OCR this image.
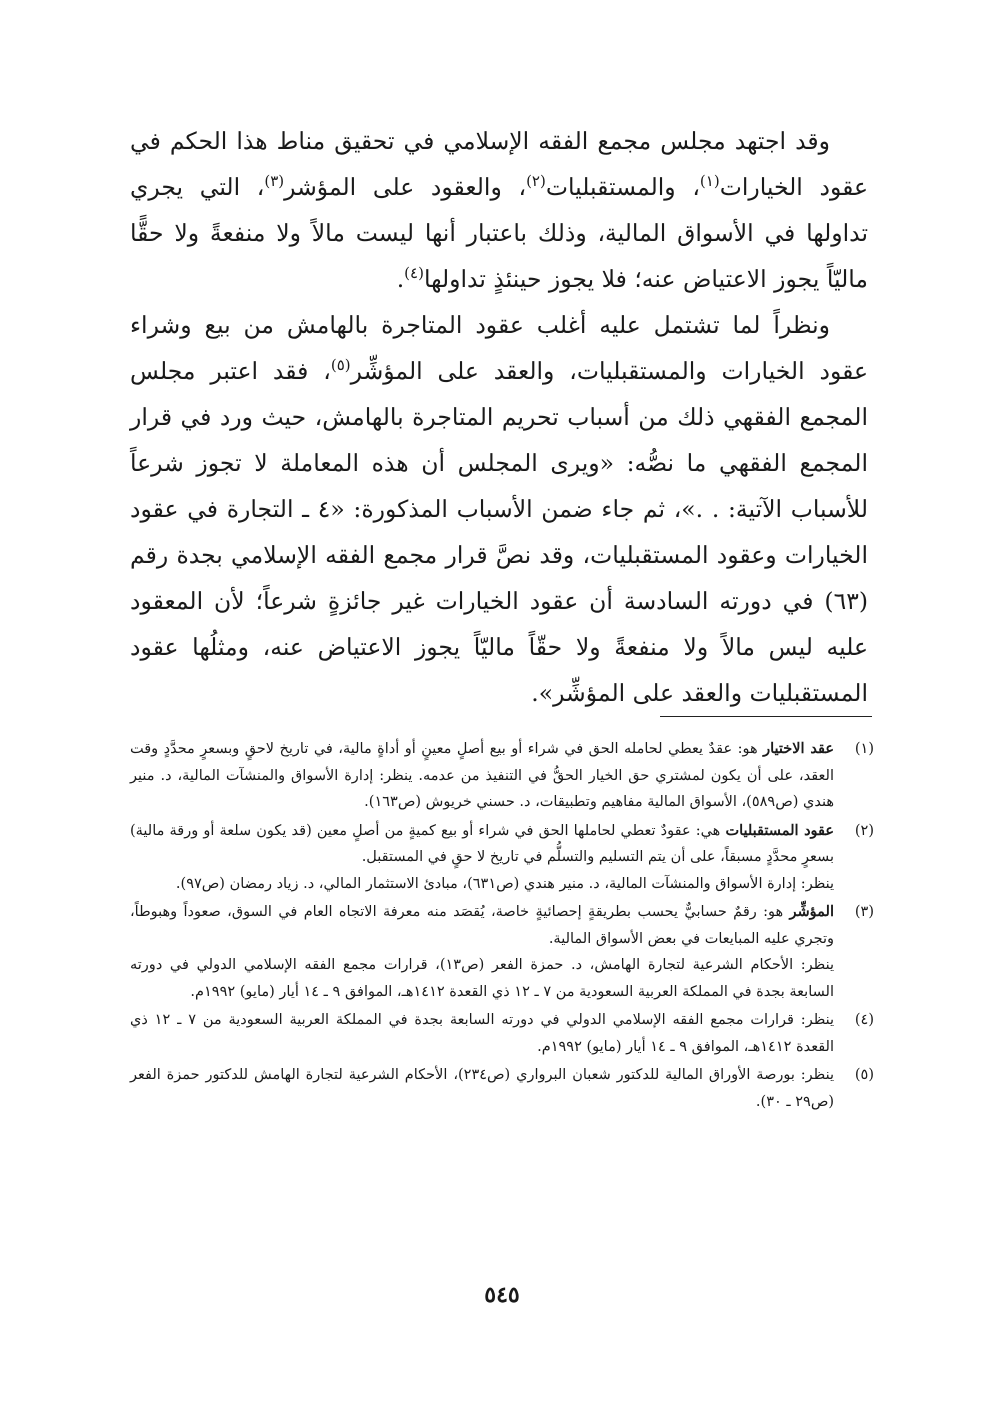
وقد اجتهد مجلس مجمع الفقه الإسلامي في تحقيق مناط هذا الحكم في عقود الخيارات$^{(١)}$، والمستقبليات$^{(٢)}$، والعقود على المؤشر$^{(٣)}$، التي يجري تداولها في الأسواق المالية، وذلك باعتبار أنها ليست مالاً ولا منفعةً ولا حقًّا ماليّاً يجوز الاعتياض عنه؛ فلا يجوز حينئذٍ تداولها$^{(٤)}$.

ونظراً لما تشتمل عليه أغلب عقود المتاجرة بالهامش من بيع وشراء عقود الخيارات والمستقبليات، والعقد على المؤشِّر$^{(٥)}$، فقد اعتبر مجلس المجمع الفقهي ذلك من أسباب تحريم المتاجرة بالهامش، حيث ورد في قرار المجمع الفقهي ما نصُّه: «ويرى المجلس أن هذه المعاملة لا تجوز شرعاً للأسباب الآتية: . .»، ثم جاء ضمن الأسباب المذكورة: «٤ ـ التجارة في عقود الخيارات وعقود المستقبليات، وقد نصَّ قرار مجمع الفقه الإسلامي بجدة رقم (٦٣) في دورته السادسة أن عقود الخيارات غير جائزةٍ شرعاً؛ لأن المعقود عليه ليس مالاً ولا منفعةً ولا حقّاً ماليّاً يجوز الاعتياض عنه، ومثلُها عقود المستقبليات والعقد على المؤشِّر».

(١)

عقد الاختيار هو: عقدٌ يعطي لحامله الحق في شراء أو بيع أصلٍ معينٍ أو أداةٍ مالية، في تاريخ لاحقٍ وبسعرٍ محدَّدٍ وقت العقد، على أن يكون لمشتري حق الخيار الحقُّ في التنفيذ من عدمه. ينظر: إدارة الأسواق والمنشآت المالية، د. منير هندي (ص٥٨٩)، الأسواق المالية مفاهيم وتطبيقات، د. حسني خريوش (ص١٦٣).

(٢)

عقود المستقبليات هي: عقودٌ تعطي لحاملها الحق في شراء أو بيع كميةٍ من أصلٍ معين (قد يكون سلعة أو ورقة مالية) بسعرٍ محدَّدٍ مسبقاً، على أن يتم التسليم والتسلُّم في تاريخ لا حقٍ في المستقبل.

ينظر: إدارة الأسواق والمنشآت المالية، د. منير هندي (ص٦٣١)، مبادئ الاستثمار المالي، د. زياد رمضان (ص٩٧).

(٣)

المؤشِّر هو: رقمٌ حسابيٌّ يحسب بطريقةٍ إحصائيةٍ خاصة، يُقصَد منه معرفة الاتجاه العام في السوق، صعوداً وهبوطاً، وتجري عليه المبايعات في بعض الأسواق المالية.

ينظر: الأحكام الشرعية لتجارة الهامش، د. حمزة الفعر (ص١٣)، قرارات مجمع الفقه الإسلامي الدولي في دورته السابعة بجدة في المملكة العربية السعودية من ٧ ـ ١٢ ذي القعدة ١٤١٢هـ، الموافق ٩ ـ ١٤ أيار (مايو) ١٩٩٢م.

(٤)

ينظر: قرارات مجمع الفقه الإسلامي الدولي في دورته السابعة بجدة في المملكة العربية السعودية من ٧ ـ ١٢ ذي القعدة ١٤١٢هـ، الموافق ٩ ـ ١٤ أيار (مايو) ١٩٩٢م.

(٥)

ينظر: بورصة الأوراق المالية للدكتور شعبان البرواري (ص٢٣٤)، الأحكام الشرعية لتجارة الهامش للدكتور حمزة الفعر (ص٢٩ ـ ٣٠).

٥٤٥
